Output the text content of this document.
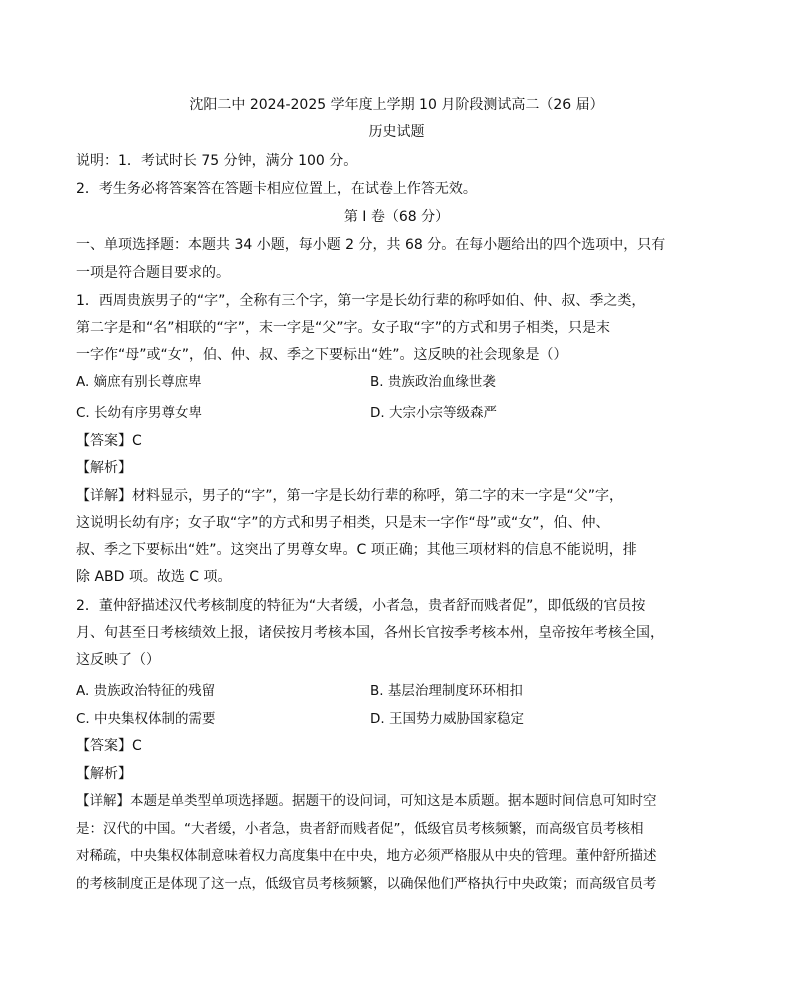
沈阳二中 2024-2025 学年度上学期 10 月阶段测试高二（26 届）
历史试题
说明：1．考试时长 75 分钟，满分 100 分。
2．考生务必将答案答在答题卡相应位置上，在试卷上作答无效。
第 I 卷（68 分）
一、单项选择题：本题共 34 小题，每小题 2 分，共 68 分。在每小题给出的四个选项中，只有
一项是符合题目要求的。
1．西周贵族男子的“字”，全称有三个字，第一字是长幼行辈的称呼如伯、仲、叔、季之类，
第二字是和“名”相联的“字”，末一字是“父”字。女子取“字”的方式和男子相类，只是末
一字作“母”或“女”，伯、仲、叔、季之下要标出“姓”。这反映的社会现象是（）
A. 嫡庶有别长尊庶卑	B. 贵族政治血缘世袭
C. 长幼有序男尊女卑	D. 大宗小宗等级森严
【答案】C
【解析】
【详解】材料显示，男子的“字”，第一字是长幼行辈的称呼，第二字的末一字是“父”字，
这说明长幼有序；女子取“字”的方式和男子相类，只是末一字作“母”或“女”，伯、仲、
叔、季之下要标出“姓”。这突出了男尊女卑。C 项正确；其他三项材料的信息不能说明，排
除 ABD 项。故选 C 项。
2．董仲舒描述汉代考核制度的特征为“大者缓，小者急，贵者舒而贱者促”，即低级的官员按
月、旬甚至日考核绩效上报，诸侯按月考核本国，各州长官按季考核本州，皇帝按年考核全国，
这反映了（）
A. 贵族政治特征的残留	B. 基层治理制度环环相扣
C. 中央集权体制的需要	D. 王国势力威胁国家稳定
【答案】C
【解析】
【详解】本题是单类型单项选择题。据题干的设问词，可知这是本质题。据本题时间信息可知时空
是：汉代的中国。“大者缓，小者急，贵者舒而贱者促”，低级官员考核频繁，而高级官员考核相
对稀疏，中央集权体制意味着权力高度集中在中央，地方必须严格服从中央的管理。董仲舒所描述
的考核制度正是体现了这一点，低级官员考核频繁，以确保他们严格执行中央政策；而高级官员考
